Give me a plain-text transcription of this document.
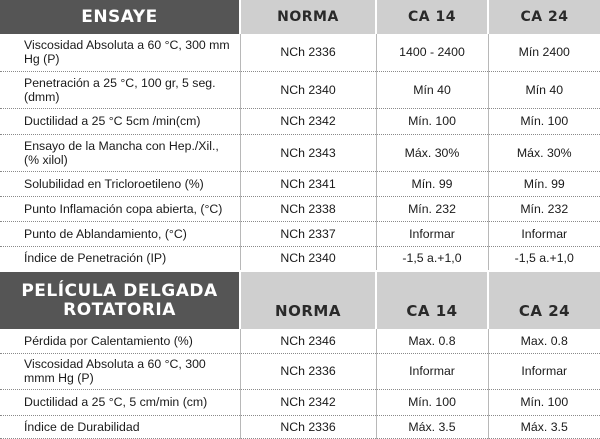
ENSAYE	NORMA	CA 14	CA 24
Viscosidad Absoluta a 60 °C, 300 mm Hg (P)	NCh 2336	1400 - 2400	Mín 2400
Penetración a 25 °C, 100 gr, 5 seg. (dmm)	NCh 2340	Mín 40	Mín 40
Ductilidad a 25 °C 5cm /min(cm)	NCh 2342	Mín. 100	Mín. 100
Ensayo de la Mancha con Hep./Xil., (% xilol)	NCh 2343	Máx. 30%	Máx. 30%
Solubilidad en Tricloroetileno (%)	NCh 2341	Mín. 99	Mín. 99
Punto Inflamación copa abierta, (°C)	NCh 2338	Mín. 232	Mín. 232
Punto de Ablandamiento, (°C)	NCh 2337	Informar	Informar
Índice de Penetración (IP)	NCh 2340	-1,5 a.+1,0	-1,5 a.+1,0
PELÍCULA DELGADA
ROTATORIA	NORMA	CA 14	CA 24
Pérdida por Calentamiento (%)	NCh 2346	Max. 0.8	Max. 0.8
Viscosidad Absoluta a 60 °C, 300 mmm Hg (P)	NCh 2336	Informar	Informar
Ductilidad a 25 °C, 5 cm/min (cm)	NCh 2342	Mín. 100	Mín. 100
Índice de Durabilidad	NCh 2336	Máx. 3.5	Máx. 3.5
